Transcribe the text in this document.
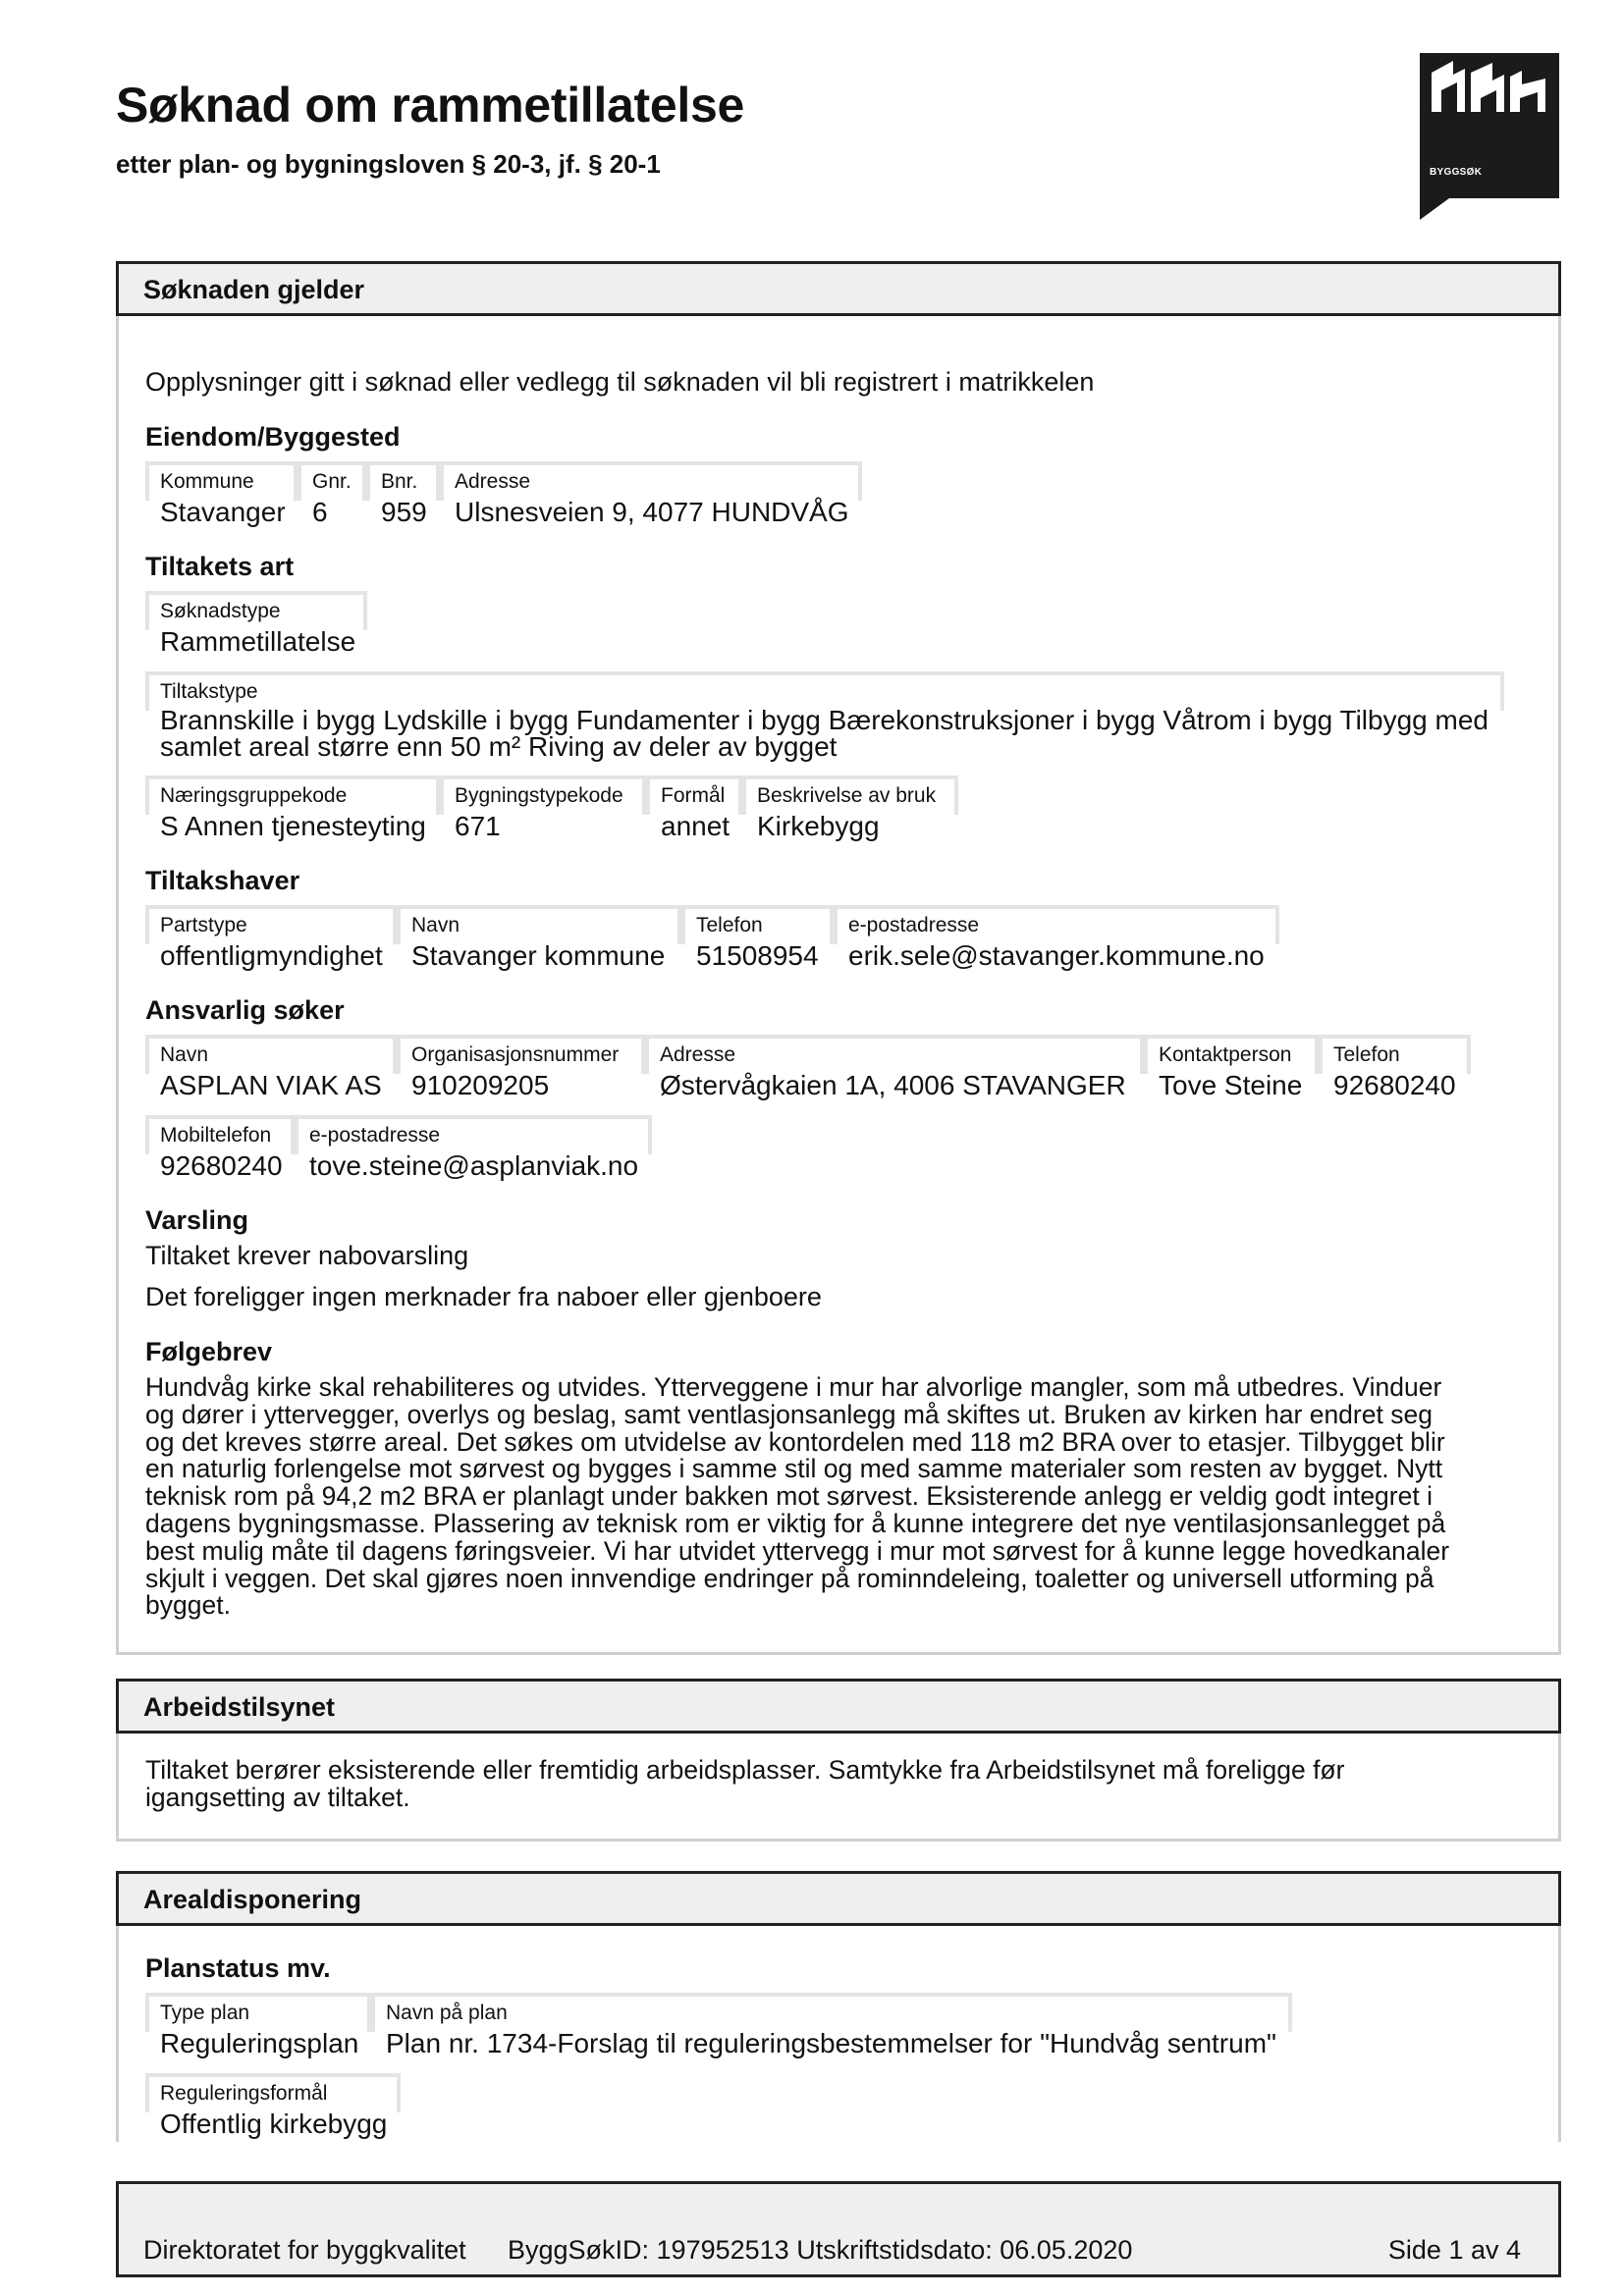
Søknad om rammetillatelse
etter plan- og bygningsloven § 20-3, jf. § 20-1	BYGGSØK
Søknaden gjelder
Opplysninger gitt i søknad eller vedlegg til søknaden vil bli registrert i matrikkelen
Eiendom/Byggested
Kommune
Stavanger
Gnr.
6
Bnr.
959
Adresse
Ulsnesveien 9, 4077 HUNDVÅG
Tiltakets art
Søknadstype
Rammetillatelse
Tiltakstype
Brannskille i bygg Lydskille i bygg Fundamenter i bygg Bærekonstruksjoner i bygg Våtrom i bygg Tilbygg med
samlet areal større enn 50 m² Riving av deler av bygget
Næringsgruppekode
S Annen tjenesteyting
Bygningstypekode
671
Formål
annet
Beskrivelse av bruk
Kirkebygg
Tiltakshaver
Partstype
offentligmyndighet
Navn
Stavanger kommune
Telefon
51508954
e-postadresse
erik.sele@stavanger.kommune.no
Ansvarlig søker
Navn
ASPLAN VIAK AS
Organisasjonsnummer
910209205
Adresse
Østervågkaien 1A, 4006 STAVANGER
Kontaktperson
Tove Steine
Telefon
92680240
Mobiltelefon
92680240
e-postadresse
tove.steine@asplanviak.no
Varsling
Tiltaket krever nabovarsling
Det foreligger ingen merknader fra naboer eller gjenboere
Følgebrev
Hundvåg kirke skal rehabiliteres og utvides. Ytterveggene i mur har alvorlige mangler, som må utbedres. Vinduer
og dører i yttervegger, overlys og beslag, samt ventlasjonsanlegg må skiftes ut. Bruken av kirken har endret seg
og det kreves større areal. Det søkes om utvidelse av kontordelen med 118 m2 BRA over to etasjer. Tilbygget blir
en naturlig forlengelse mot sørvest og bygges i samme stil og med samme materialer som resten av bygget. Nytt
teknisk rom på 94,2 m2 BRA er planlagt under bakken mot sørvest. Eksisterende anlegg er veldig godt integret i
dagens bygningsmasse. Plassering av teknisk rom er viktig for å kunne integrere det nye ventilasjonsanlegget på
best mulig måte til dagens føringsveier. Vi har utvidet yttervegg i mur mot sørvest for å kunne legge hovedkanaler
skjult i veggen. Det skal gjøres noen innvendige endringer på rominndeleing, toaletter og universell utforming på
bygget.
Arbeidstilsynet
Tiltaket berører eksisterende eller fremtidig arbeidsplasser. Samtykke fra Arbeidstilsynet må foreligge før
igangsetting av tiltaket.
Arealdisponering
Planstatus mv.
Type plan
Reguleringsplan
Navn på plan
Plan nr. 1734-Forslag til reguleringsbestemmelser for "Hundvåg sentrum"
Reguleringsformål
Offentlig kirkebygg
Direktoratet for byggkvalitet ByggSøkID: 197952513 Utskriftstidsdato: 06.05.2020	Side 1 av 4
